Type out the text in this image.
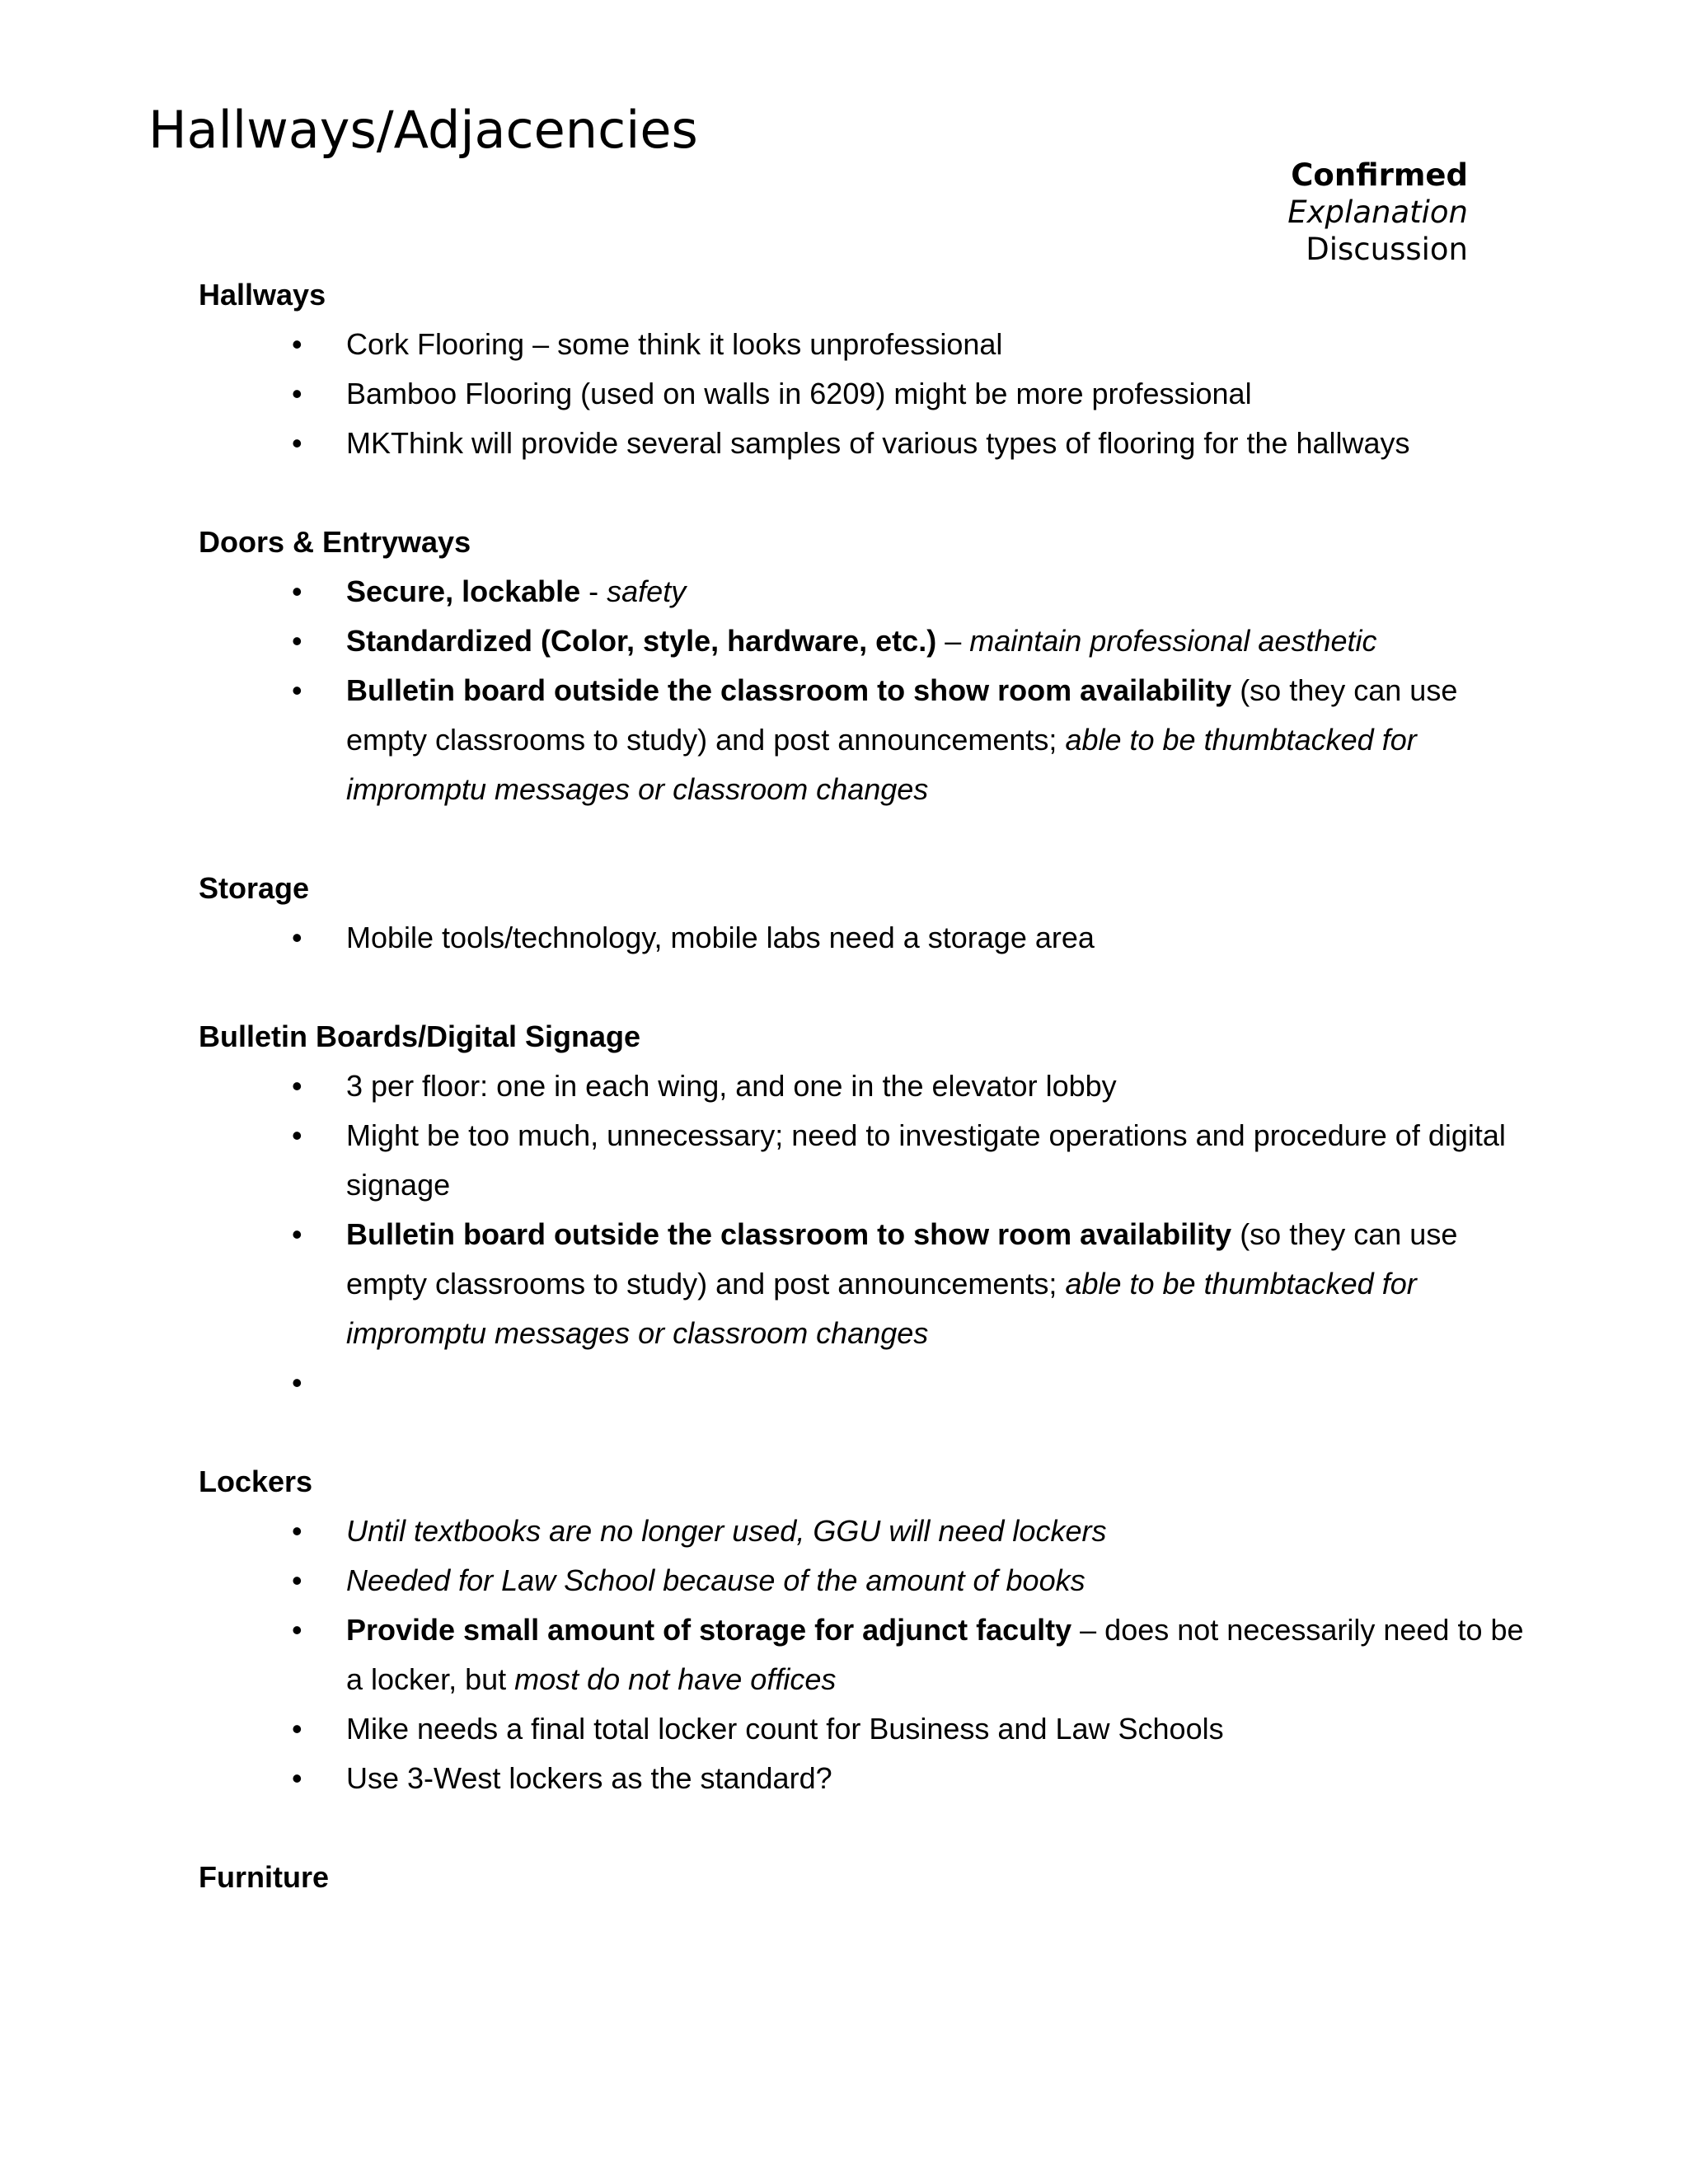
Hallways/Adjacencies
Confirmed
Explanation
Discussion
Hallways
• Cork Flooring – some think it looks unprofessional
• Bamboo Flooring (used on walls in 6209) might be more professional
• MKThink will provide several samples of various types of flooring for the hallways
Doors & Entryways
• Secure, lockable - safety
• Standardized (Color, style, hardware, etc.) – maintain professional aesthetic
• Bulletin board outside the classroom to show room availability (so they can use empty classrooms to study) and post announcements; able to be thumbtacked for impromptu messages or classroom changes
Storage
• Mobile tools/technology, mobile labs need a storage area
Bulletin Boards/Digital Signage
• 3 per floor: one in each wing, and one in the elevator lobby
• Might be too much, unnecessary; need to investigate operations and procedure of digital signage
• Bulletin board outside the classroom to show room availability (so they can use empty classrooms to study) and post announcements; able to be thumbtacked for impromptu messages or classroom changes
•
Lockers
• Until textbooks are no longer used, GGU will need lockers
• Needed for Law School because of the amount of books
• Provide small amount of storage for adjunct faculty – does not necessarily need to be a locker, but most do not have offices
• Mike needs a final total locker count for Business and Law Schools
• Use 3-West lockers as the standard?
Furniture
